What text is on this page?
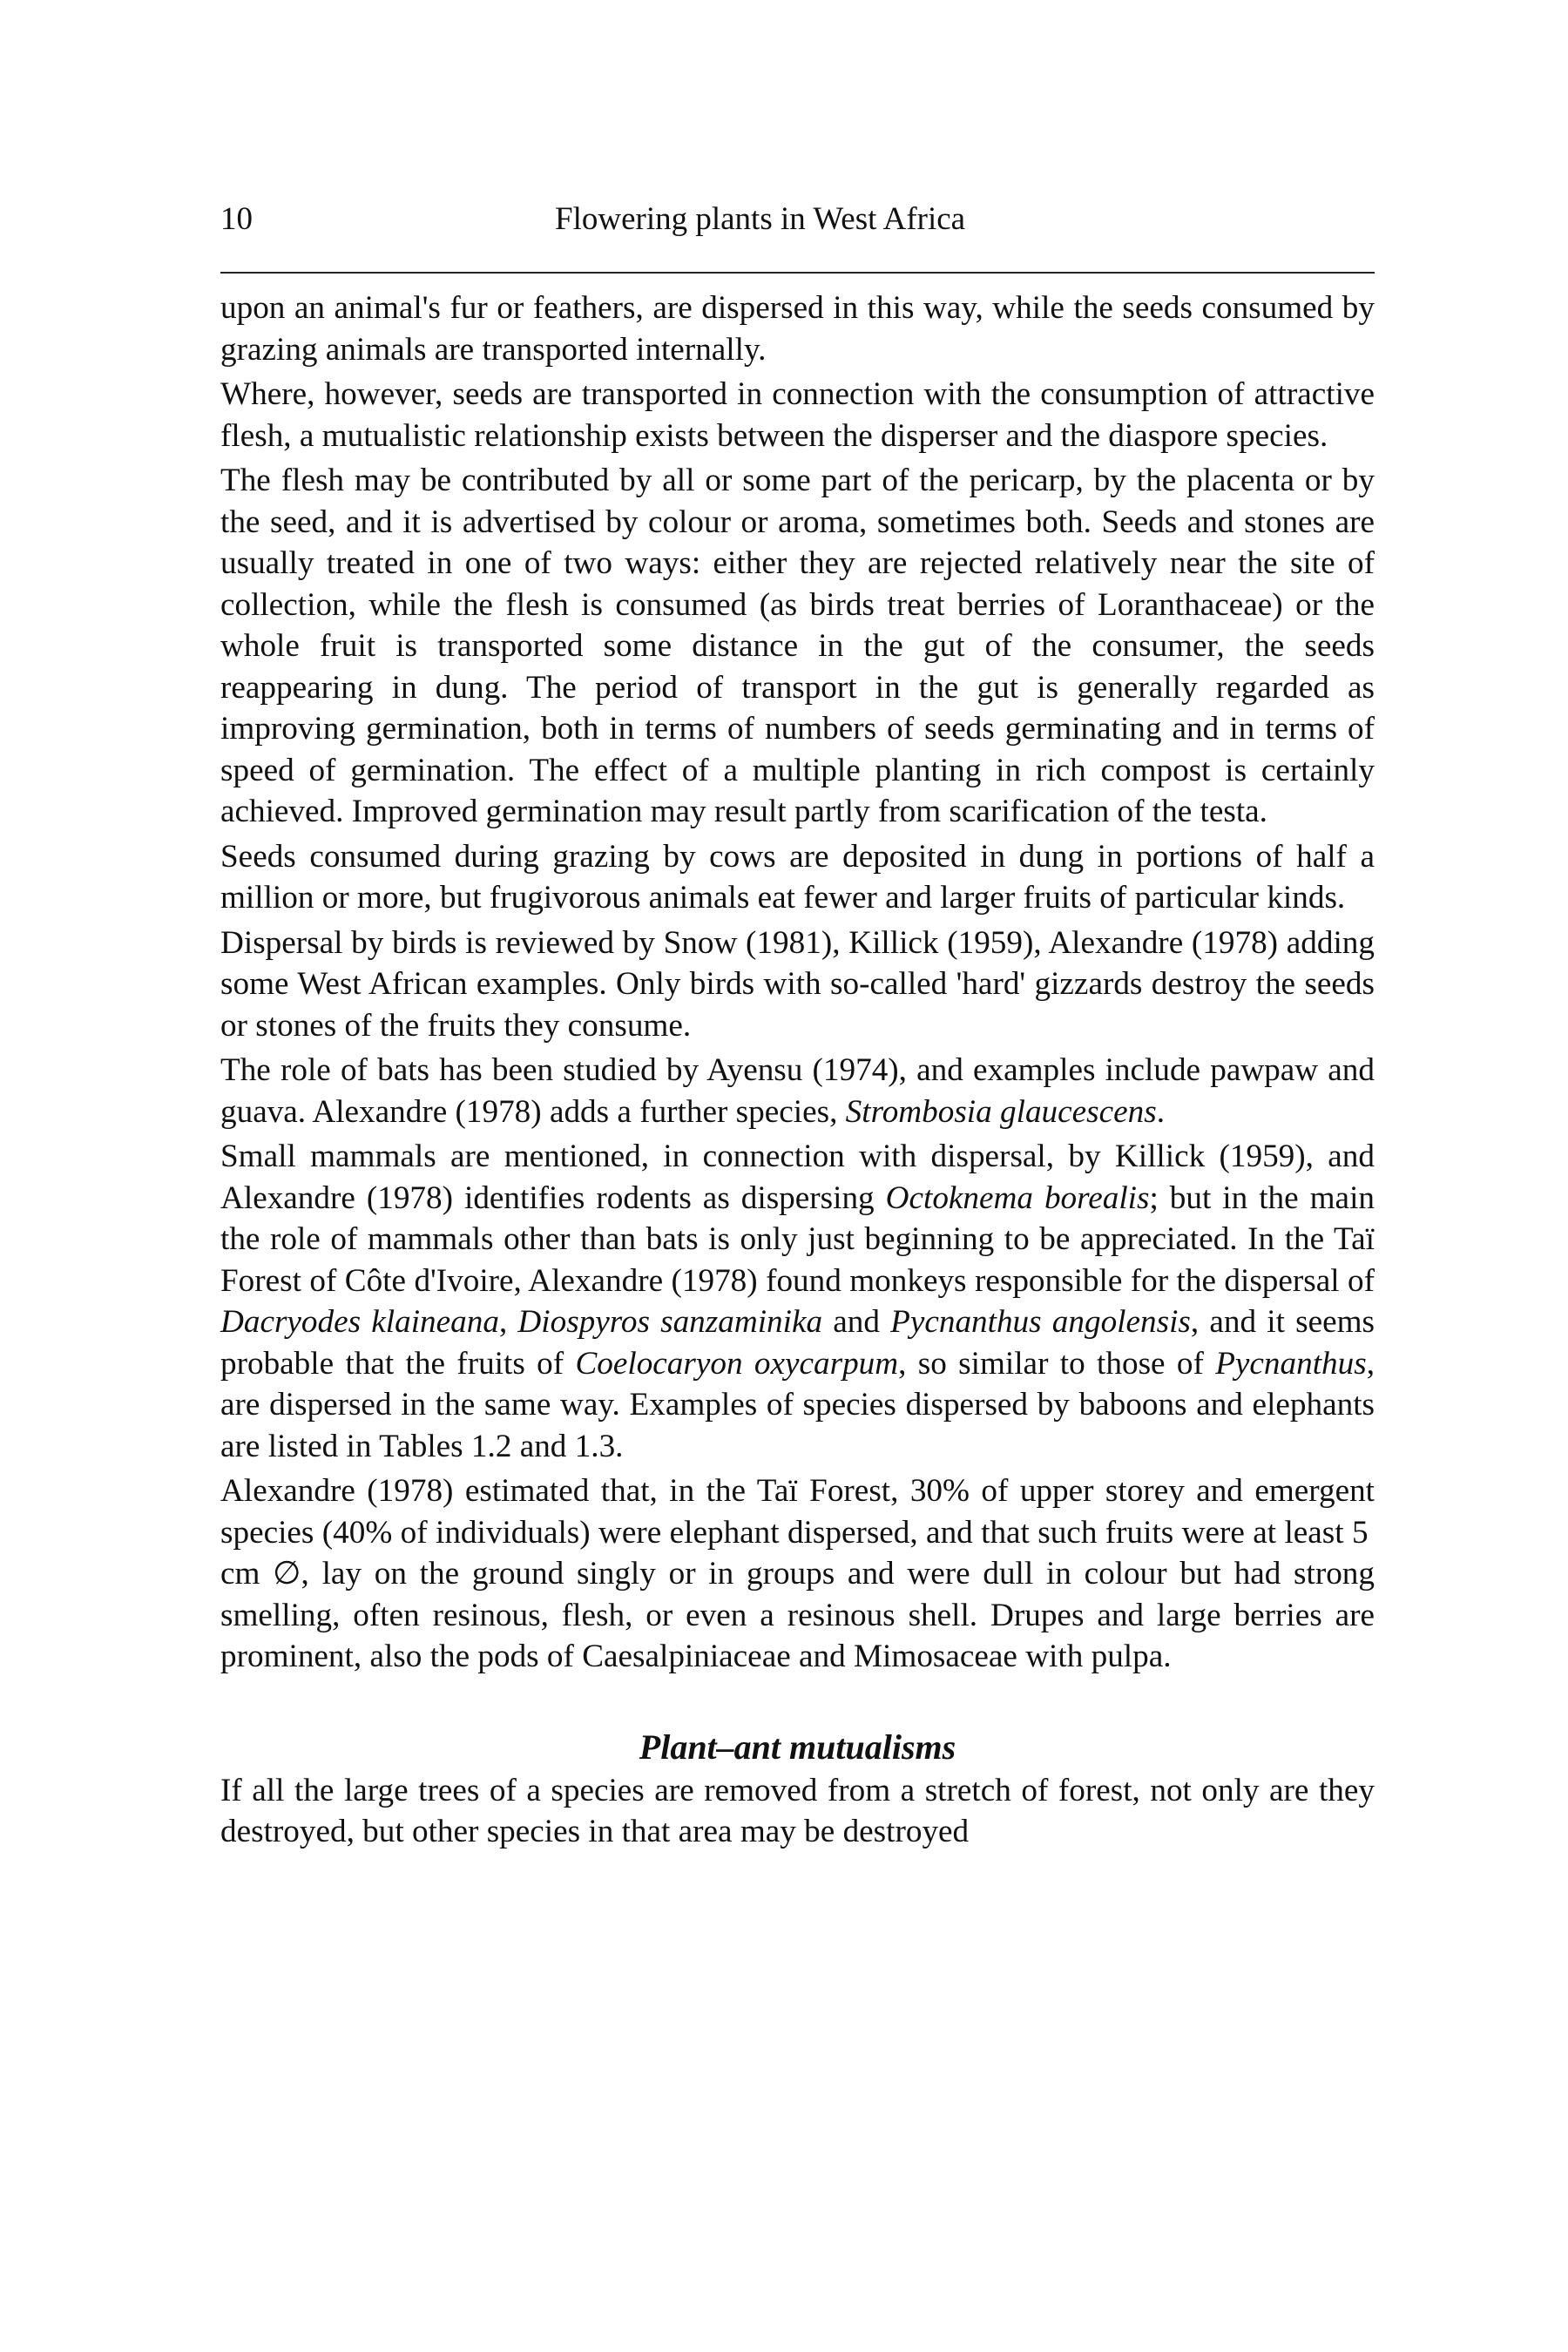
10	Flowering plants in West Africa

upon an animal's fur or feathers, are dispersed in this way, while the seeds consumed by grazing animals are transported internally.

Where, however, seeds are transported in connection with the consumption of attractive flesh, a mutualistic relationship exists between the disperser and the diaspore species.

The flesh may be contributed by all or some part of the pericarp, by the placenta or by the seed, and it is advertised by colour or aroma, sometimes both. Seeds and stones are usually treated in one of two ways: either they are rejected relatively near the site of collection, while the flesh is consumed (as birds treat berries of Loranthaceae) or the whole fruit is transported some distance in the gut of the consumer, the seeds reappearing in dung. The period of transport in the gut is generally regarded as improving germination, both in terms of numbers of seeds germinating and in terms of speed of germination. The effect of a multiple planting in rich compost is certainly achieved. Improved germination may result partly from scarification of the testa.

Seeds consumed during grazing by cows are deposited in dung in portions of half a million or more, but frugivorous animals eat fewer and larger fruits of particular kinds.

Dispersal by birds is reviewed by Snow (1981), Killick (1959), Alexandre (1978) adding some West African examples. Only birds with so-called 'hard' gizzards destroy the seeds or stones of the fruits they consume.

The role of bats has been studied by Ayensu (1974), and examples include pawpaw and guava. Alexandre (1978) adds a further species, Strombosia glaucescens.

Small mammals are mentioned, in connection with dispersal, by Killick (1959), and Alexandre (1978) identifies rodents as dispersing Octoknema borealis; but in the main the role of mammals other than bats is only just beginning to be appreciated. In the Taï Forest of Côte d'Ivoire, Alexandre (1978) found monkeys responsible for the dispersal of Dacryodes klaineana, Diospyros sanzaminika and Pycnanthus angolensis, and it seems probable that the fruits of Coelocaryon oxycarpum, so similar to those of Pycnanthus, are dispersed in the same way. Examples of species dispersed by baboons and elephants are listed in Tables 1.2 and 1.3.

Alexandre (1978) estimated that, in the Taï Forest, 30% of upper storey and emergent species (40% of individuals) were elephant dispersed, and that such fruits were at least 5 cm ∅, lay on the ground singly or in groups and were dull in colour but had strong smelling, often resinous, flesh, or even a resinous shell. Drupes and large berries are prominent, also the pods of Caesalpiniaceae and Mimosaceae with pulpa.

Plant–ant mutualisms

If all the large trees of a species are removed from a stretch of forest, not only are they destroyed, but other species in that area may be destroyed
